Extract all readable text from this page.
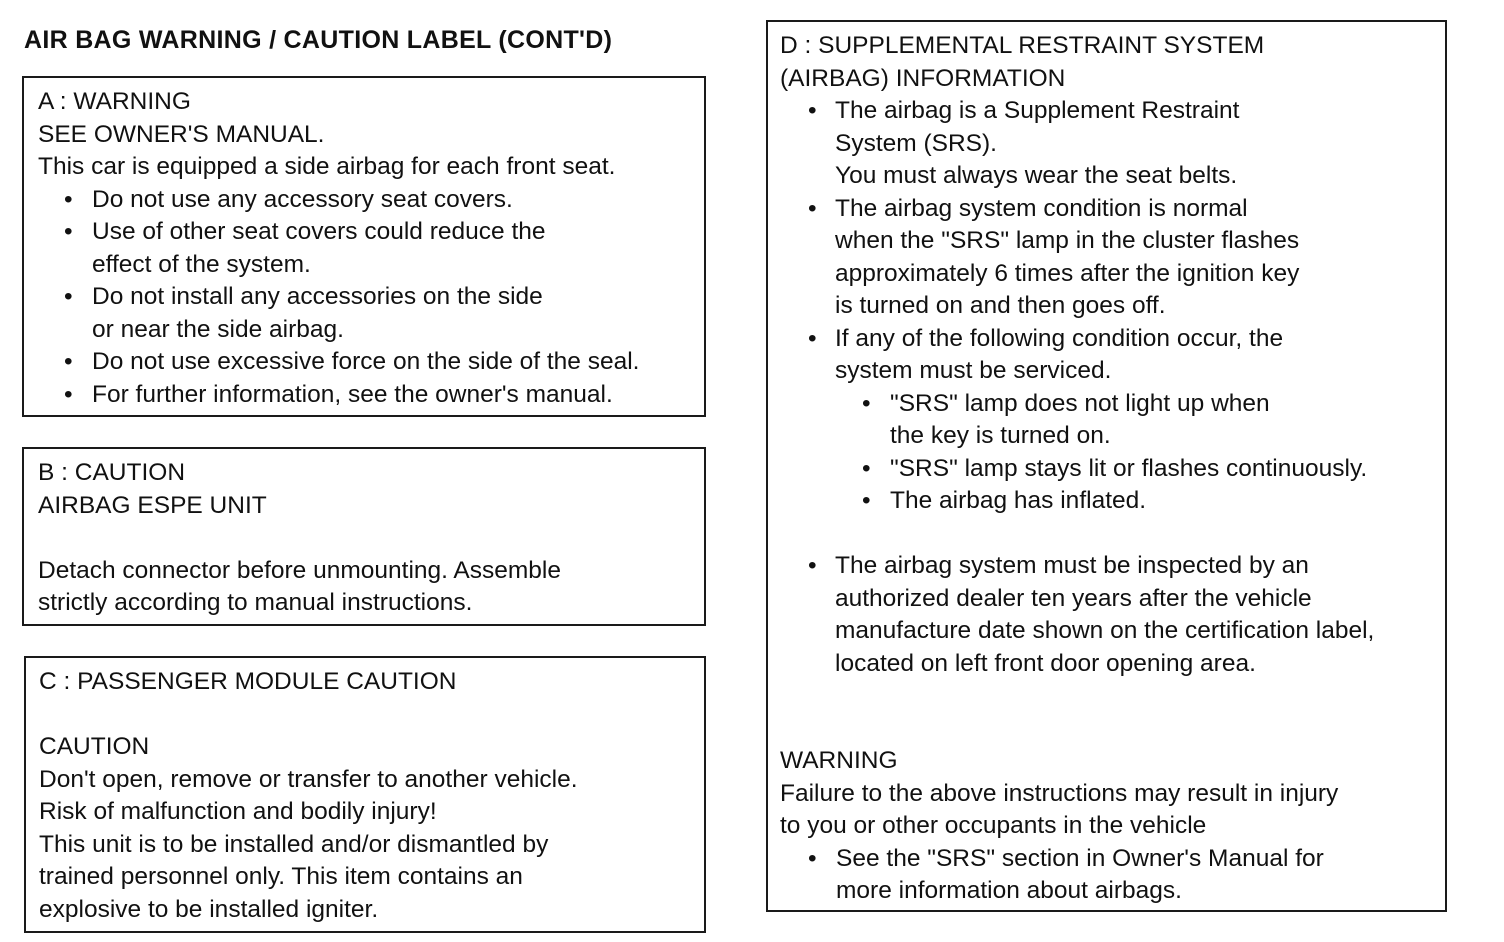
AIR BAG WARNING / CAUTION LABEL (CONT'D)
A : WARNING
SEE OWNER'S MANUAL.
This car is equipped a side airbag for each front seat.
• Do not use any accessory seat covers.
• Use of other seat covers could reduce the
effect of the system.
• Do not install any accessories on the side
or near the side airbag.
• Do not use excessive force on the side of the seal.
• For further information, see the owner's manual.
B : CAUTION
AIRBAG ESPE UNIT
Detach connector before unmounting. Assemble
strictly according to manual instructions.
C : PASSENGER MODULE CAUTION
CAUTION
Don't open, remove or transfer to another vehicle.
Risk of malfunction and bodily injury!
This unit is to be installed and/or dismantled by
trained personnel only. This item contains an
explosive to be installed igniter.
D : SUPPLEMENTAL RESTRAINT SYSTEM
(AIRBAG) INFORMATION
• The airbag is a Supplement Restraint
System (SRS).
You must always wear the seat belts.
• The airbag system condition is normal
when the "SRS" lamp in the cluster flashes
approximately 6 times after the ignition key
is turned on and then goes off.
• If any of the following condition occur, the
system must be serviced.
• "SRS" lamp does not light up when
the key is turned on.
• "SRS" lamp stays lit or flashes continuously.
• The airbag has inflated.
• The airbag system must be inspected by an
authorized dealer ten years after the vehicle
manufacture date shown on the certification label,
located on left front door opening area.
WARNING
Failure to the above instructions may result in injury
to you or other occupants in the vehicle
• See the "SRS" section in Owner's Manual for
more information about airbags.
